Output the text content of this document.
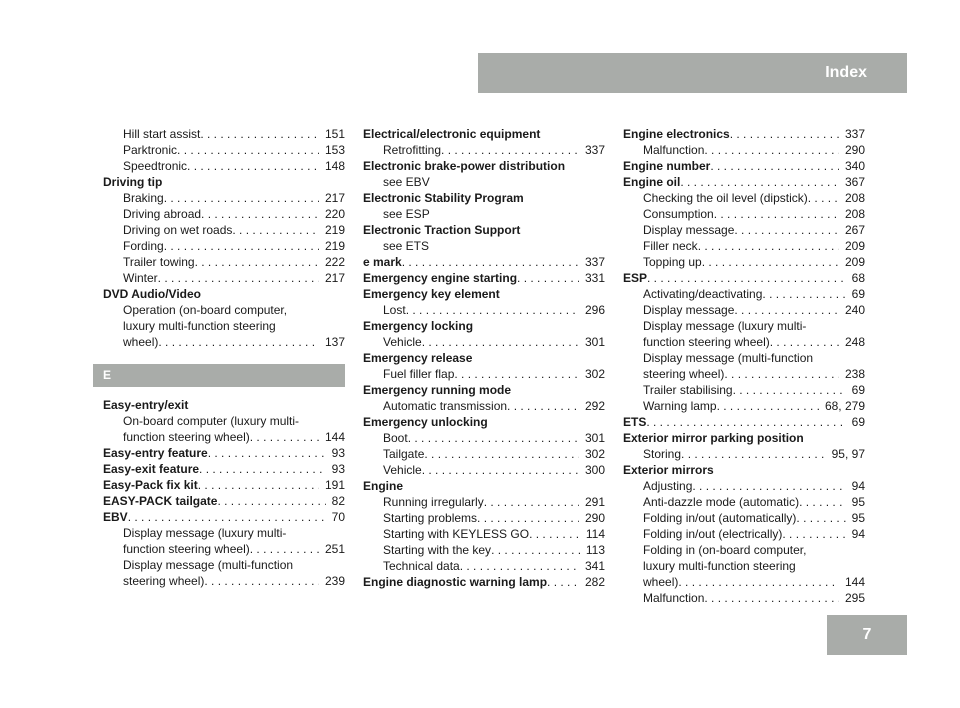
Index
Hill start assist . . .	151
Parktronic . . .	153
Speedtronic . . .	148
Driving tip
Braking . . .	217
Driving abroad . . .	220
Driving on wet roads . . .	219
Fording . . .	219
Trailer towing . . .	222
Winter . . .	217
DVD Audio/Video
Operation (on-board computer,
luxury multi-function steering
wheel) . . .	137
E
Easy-entry/exit
On-board computer (luxury multi-
function steering wheel) . . .	144
Easy-entry feature . . .	93
Easy-exit feature . . .	93
Easy-Pack fix kit . . .	191
EASY-PACK tailgate . . .	82
EBV . . .	70
Display message (luxury multi-
function steering wheel) . . .	251
Display message (multi-function
steering wheel) . . .	239
Electrical/electronic equipment
Retrofitting . . .	337
Electronic brake-power distribution
see EBV
Electronic Stability Program
see ESP
Electronic Traction Support
see ETS
e mark . . .	337
Emergency engine starting . . .	331
Emergency key element
Lost . . .	296
Emergency locking
Vehicle . . .	301
Emergency release
Fuel filler flap . . .	302
Emergency running mode
Automatic transmission . . .	292
Emergency unlocking
Boot . . .	301
Tailgate . . .	302
Vehicle . . .	300
Engine
Running irregularly . . .	291
Starting problems . . .	290
Starting with KEYLESS GO . . .	114
Starting with the key . . .	113
Technical data . . .	341
Engine diagnostic warning lamp . . .	282
Engine electronics . . .	337
Malfunction . . .	290
Engine number . . .	340
Engine oil . . .	367
Checking the oil level (dipstick) . . .	208
Consumption . . .	208
Display message . . .	267
Filler neck . . .	209
Topping up . . .	209
ESP . . .	68
Activating/deactivating . . .	69
Display message . . .	240
Display message (luxury multi-
function steering wheel) . . .	248
Display message (multi-function
steering wheel) . . .	238
Trailer stabilising . . .	69
Warning lamp . . .	68, 279
ETS . . .	69
Exterior mirror parking position
Storing . . .	95, 97
Exterior mirrors
Adjusting . . .	94
Anti-dazzle mode (automatic) . . .	95
Folding in/out (automatically) . . .	95
Folding in/out (electrically) . . .	94
Folding in (on-board computer,
luxury multi-function steering
wheel) . . .	144
Malfunction . . .	295
7
